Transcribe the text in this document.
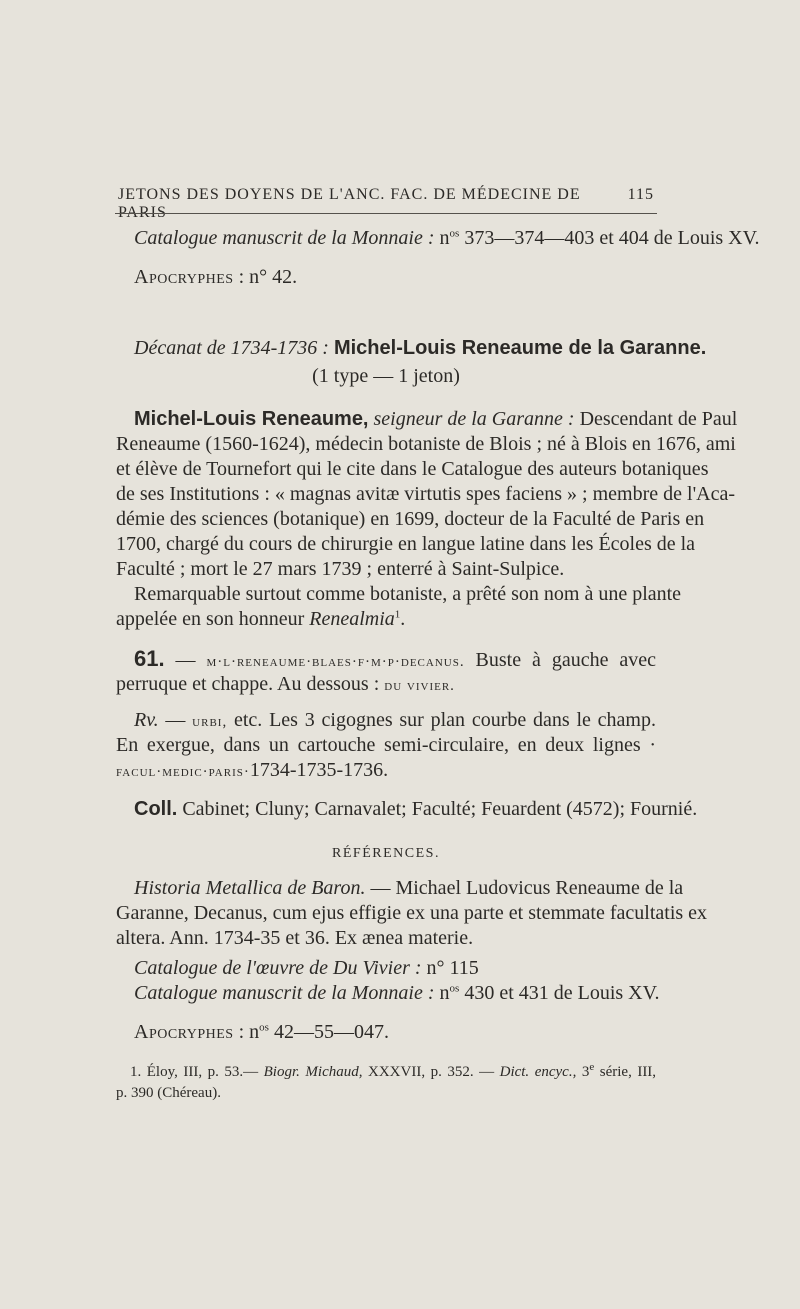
JETONS DES DOYENS DE L'ANC. FAC. DE MÉDECINE DE PARIS
115
Catalogue manuscrit de la Monnaie : $n^{os}$ 373—374—403 et 404 de Louis XV.
Apocryphes : n° 42.
Décanat de 1734-1736 : Michel-Louis Reneaume de la Garanne.
(1 type — 1 jeton)
Michel-Louis Reneaume, seigneur de la Garanne : Descendant de Paul
Reneaume (1560-1624), médecin botaniste de Blois ; né à Blois en 1676, ami
et élève de Tournefort qui le cite dans le Catalogue des auteurs botaniques
de ses Institutions : « magnas avitæ virtutis spes faciens » ; membre de l'Aca-
démie des sciences (botanique) en 1699, docteur de la Faculté de Paris en
1700, chargé du cours de chirurgie en langue latine dans les Écoles de la
Faculté ; mort le 27 mars 1739 ; enterré à Saint-Sulpice.
Remarquable surtout comme botaniste, a prêté son nom à une plante
appelée en son honneur Renealmia$^1$.
61. — m·l·reneaume·blaes·f·m·p·decanus. Buste à gauche avec
perruque et chappe. Au dessous : du vivier.
Rv. — urbi, etc. Les 3 cigognes sur plan courbe dans le champ.
En exergue, dans un cartouche semi-circulaire, en deux lignes ·
facul·medic·paris·1734-1735-1736.
Coll. Cabinet; Cluny; Carnavalet; Faculté; Feuardent (4572); Fournié.
RÉFÉRENCES.
Historia Metallica de Baron. — Michael Ludovicus Reneaume de la
Garanne, Decanus, cum ejus effigie ex una parte et stemmate facultatis ex
altera. Ann. 1734-35 et 36. Ex ænea materie.
Catalogue de l'œuvre de Du Vivier : n° 115
Catalogue manuscrit de la Monnaie : $n^{os}$ 430 et 431 de Louis XV.
Apocryphes : $n^{os}$ 42—55—047.
1. Éloy, III, p. 53.— Biogr. Michaud, XXXVII, p. 352. — Dict. encyc., 3e série, III,
p. 390 (Chéreau).
